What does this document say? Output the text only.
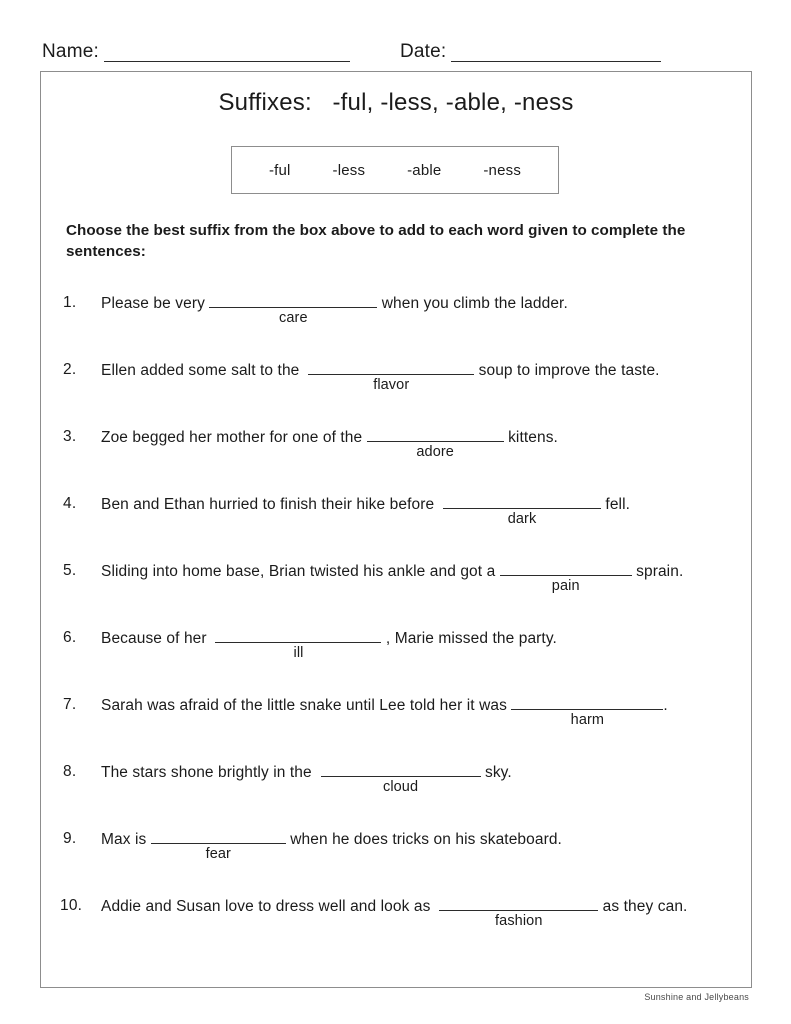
Name:	Date:
Suffixes:   -ful, -less, -able, -ness
-ful	-less	-able	-ness
Choose the best suffix from the box above to add to each word given to complete the sentences:
1.	Please be very
care
when you climb the ladder.
2.	Ellen added some salt to the
flavor
soup to improve the taste.
3.	Zoe begged her mother for one of the
adore
kittens.
4.	Ben and Ethan hurried to finish their hike before
dark
fell.
5.	Sliding into home base, Brian twisted his ankle and got a
pain
sprain.
6.	Because of her
ill
, Marie missed the party.
7.	Sarah was afraid of the little snake until Lee told her it was
harm
.
8.	The stars shone brightly in the
cloud
sky.
9.	Max is
fear
when he does tricks on his skateboard.
10.	Addie and Susan love to dress well and look as
fashion
as they can.
Sunshine and Jellybeans
